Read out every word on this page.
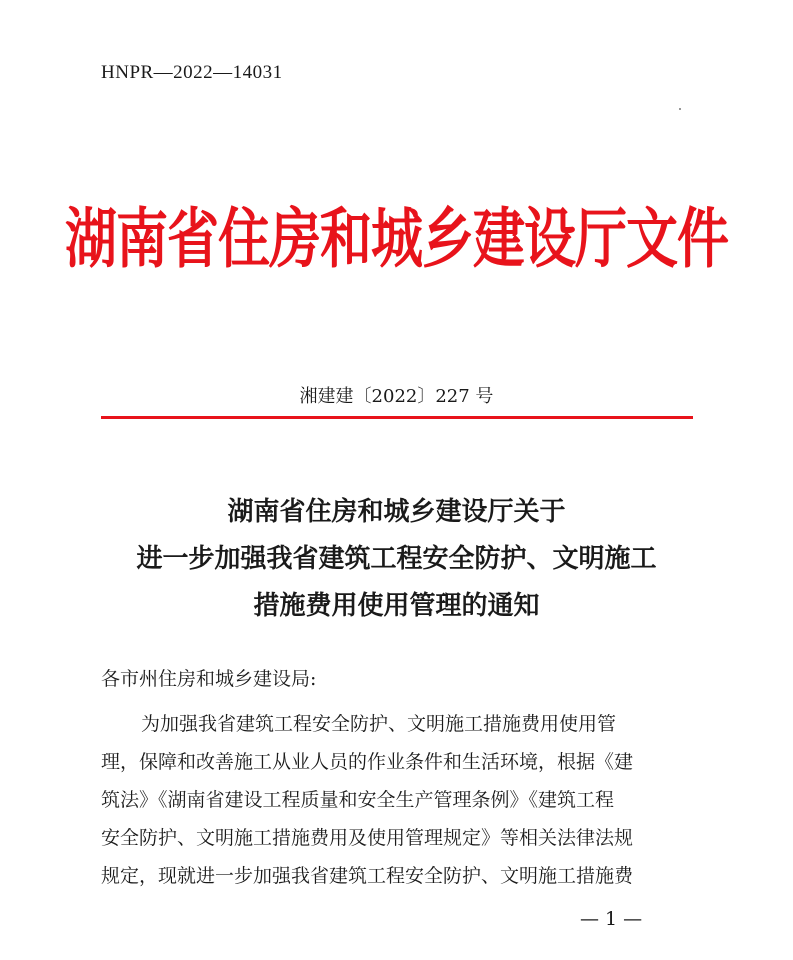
HNPR—2022—14031
湖南省住房和城乡建设厅文件
湘建建〔2022〕227 号
湖南省住房和城乡建设厅关于
进一步加强我省建筑工程安全防护、文明施工
措施费用使用管理的通知
各市州住房和城乡建设局:
为加强我省建筑工程安全防护、文明施工措施费用使用管
理，保障和改善施工从业人员的作业条件和生活环境，根据《建
筑法》《湖南省建设工程质量和安全生产管理条例》《建筑工程
安全防护、文明施工措施费用及使用管理规定》等相关法律法规
规定，现就进一步加强我省建筑工程安全防护、文明施工措施费
— 1 —
